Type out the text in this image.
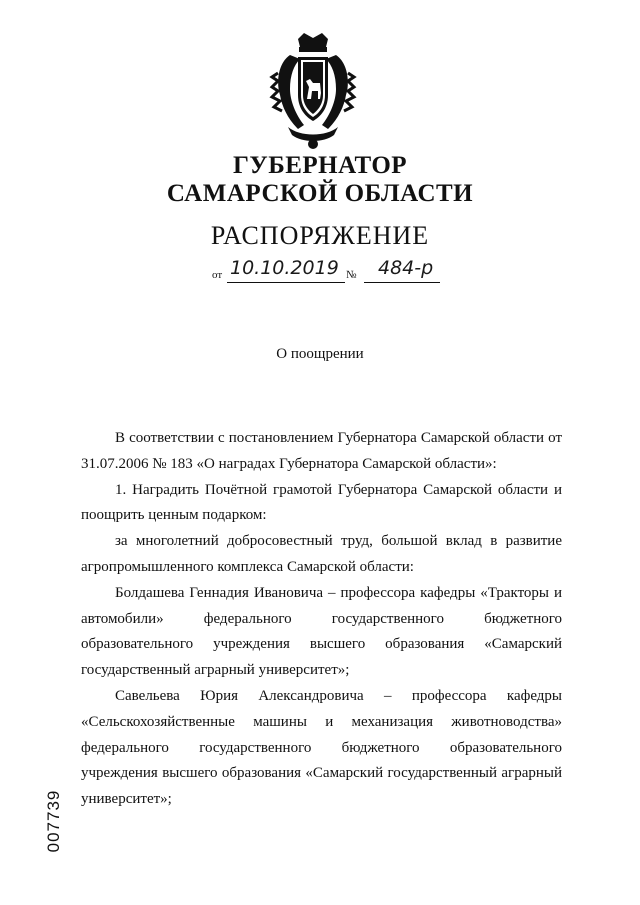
ГУБЕРНАТОР
САМАРСКОЙ ОБЛАСТИ
РАСПОРЯЖЕНИЕ
от 10.10.2019 № 484-р
О поощрении

В соответствии с постановлением Губернатора Самарской области от 31.07.2006 № 183 «О наградах Губернатора Самарской области»:

1. Наградить Почётной грамотой Губернатора Самарской области и поощрить ценным подарком:

за многолетний добросовестный труд, большой вклад в развитие агропромышленного комплекса Самарской области:

Болдашева Геннадия Ивановича – профессора кафедры «Тракторы и автомобили» федерального государственного бюджетного образовательного учреждения высшего образования «Самарский государственный аграрный университет»;

Савельева Юрия Александровича – профессора кафедры «Сельскохозяйственные машины и механизация животноводства» федерального государственного бюджетного образовательного учреждения высшего образования «Самарский государственный аграрный университет»;

007739
